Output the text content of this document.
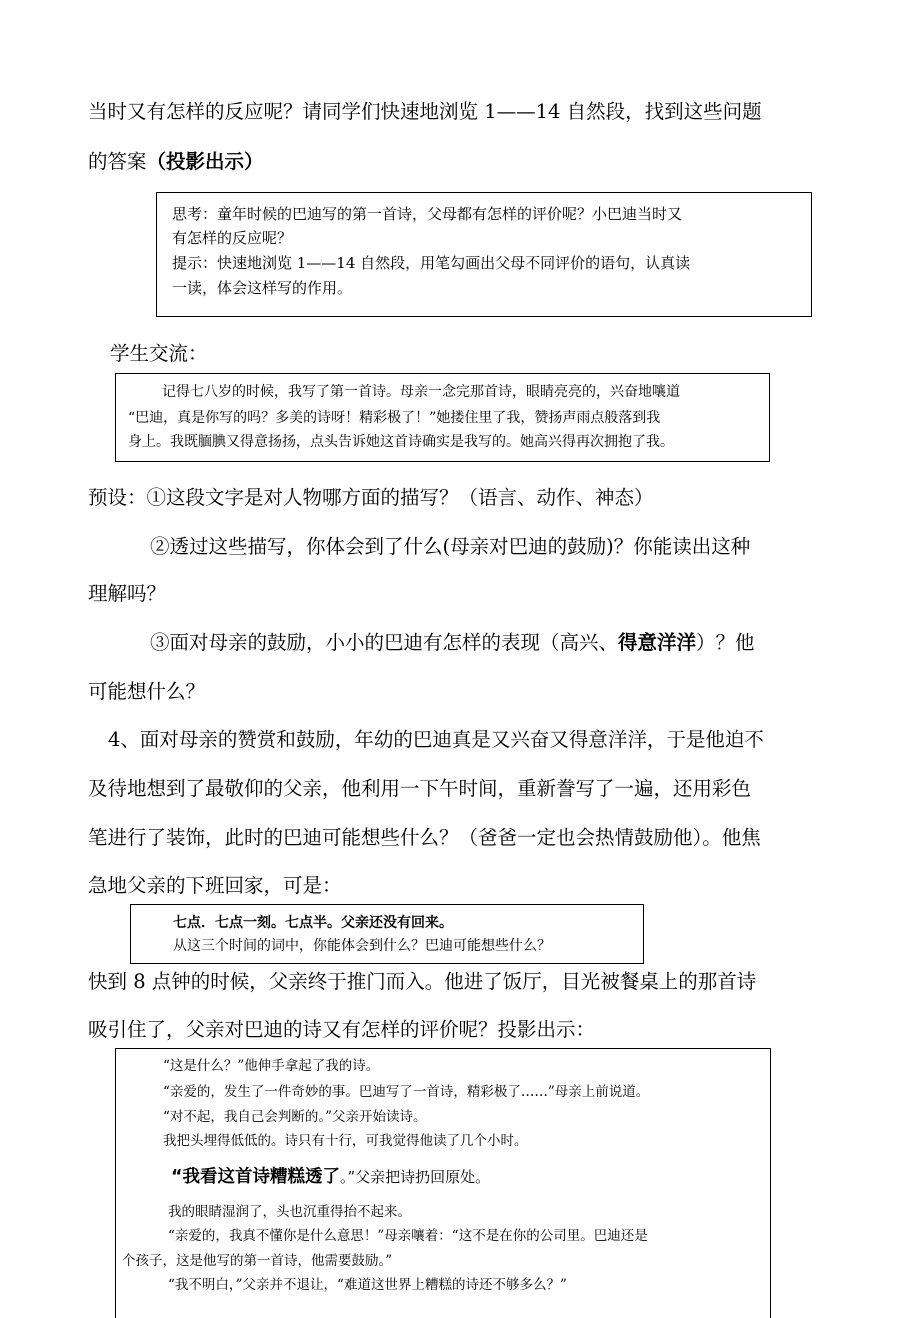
当时又有怎样的反应呢？请同学们快速地浏览 1——14 自然段，找到这些问题
的答案（投影出示）
思考：童年时候的巴迪写的第一首诗，父母都有怎样的评价呢？小巴迪当时又
有怎样的反应呢？
提示：快速地浏览 1——14 自然段，用笔勾画出父母不同评价的语句，认真读
一读，体会这样写的作用。
学生交流：
记得七八岁的时候，我写了第一首诗。母亲一念完那首诗，眼睛亮亮的，兴奋地嚷道
“巴迪，真是你写的吗？多美的诗呀！精彩极了！”她搂住里了我，赞扬声雨点般落到我
身上。我既腼腆又得意扬扬，点头告诉她这首诗确实是我写的。她高兴得再次拥抱了我。
预设：①这段文字是对人物哪方面的描写？（语言、动作、神态）
②透过这些描写，你体会到了什么(母亲对巴迪的鼓励)？你能读出这种
理解吗？
③面对母亲的鼓励，小小的巴迪有怎样的表现（高兴、得意洋洋）？他
可能想什么？
4、面对母亲的赞赏和鼓励，年幼的巴迪真是又兴奋又得意洋洋，于是他迫不
及待地想到了最敬仰的父亲，他利用一下午时间，重新誊写了一遍，还用彩色
笔进行了装饰，此时的巴迪可能想些什么？（爸爸一定也会热情鼓励他）。他焦
急地父亲的下班回家，可是：
七点．七点一刻。七点半。父亲还没有回来。
从这三个时间的词中，你能体会到什么？巴迪可能想些什么？
快到 8 点钟的时候，父亲终于推门而入。他进了饭厅，目光被餐桌上的那首诗
吸引住了，父亲对巴迪的诗又有怎样的评价呢？投影出示：
“这是什么？”他伸手拿起了我的诗。
“亲爱的，发生了一件奇妙的事。巴迪写了一首诗，精彩极了……”母亲上前说道。
“对不起，我自己会判断的。”父亲开始读诗。
我把头埋得低低的。诗只有十行，可我觉得他读了几个小时。
“我看这首诗糟糕透了。”父亲把诗扔回原处。
我的眼睛湿润了，头也沉重得抬不起来。
“亲爱的，我真不懂你是什么意思！”母亲嚷着：“这不是在你的公司里。巴迪还是
个孩子，这是他写的第一首诗，他需要鼓励。”
“我不明白，”父亲并不退让，“难道这世界上糟糕的诗还不够多么？”
